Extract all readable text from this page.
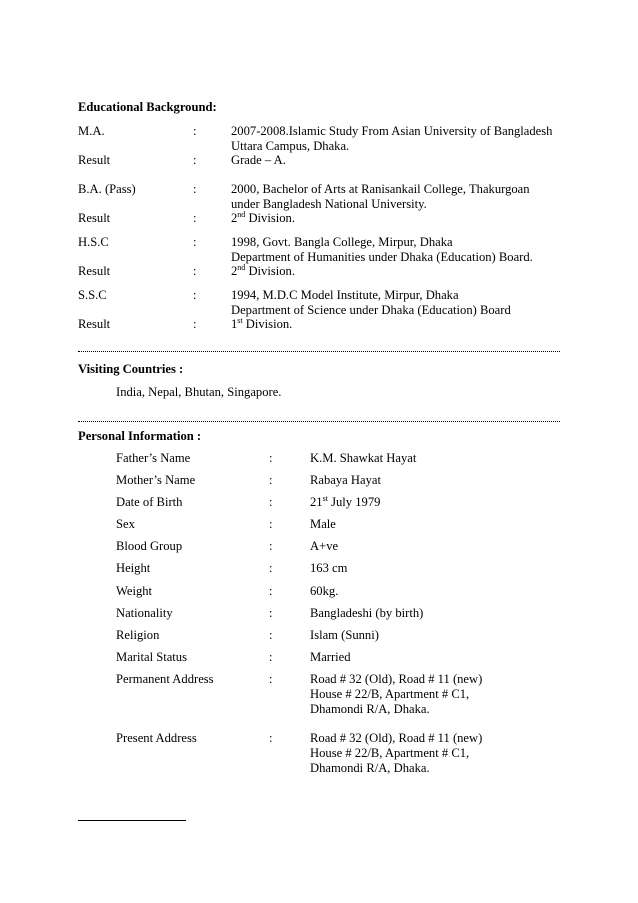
Educational Background:
M.A.	:	2007-2008.Islamic Study From Asian University of Bangladesh
Uttara Campus, Dhaka.
Result	:	Grade – A.
B.A. (Pass)	:	2000, Bachelor of Arts at Ranisankail College, Thakurgoan
under Bangladesh National University.
Result	:	2nd Division.
H.S.C	:	1998, Govt. Bangla College, Mirpur, Dhaka
Department of Humanities under Dhaka (Education) Board.
Result	:	2nd Division.
S.S.C	:	1994, M.D.C Model Institute, Mirpur, Dhaka
Department of Science under Dhaka (Education) Board
Result	:	1st Division.
Visiting Countries :
India, Nepal, Bhutan, Singapore.
Personal Information :
Father’s Name	:	K.M. Shawkat Hayat
Mother’s Name	:	Rabaya Hayat
Date of Birth	:	21st July 1979
Sex	:	Male
Blood Group	:	A+ve
Height	:	163 cm
Weight	:	60kg.
Nationality	:	Bangladeshi (by birth)
Religion	:	Islam (Sunni)
Marital Status	:	Married
Permanent Address	:	Road # 32 (Old), Road # 11 (new)
House # 22/B, Apartment # C1,
Dhamondi R/A, Dhaka.
Present Address	:	Road # 32 (Old), Road # 11 (new)
House # 22/B, Apartment # C1,
Dhamondi R/A, Dhaka.
